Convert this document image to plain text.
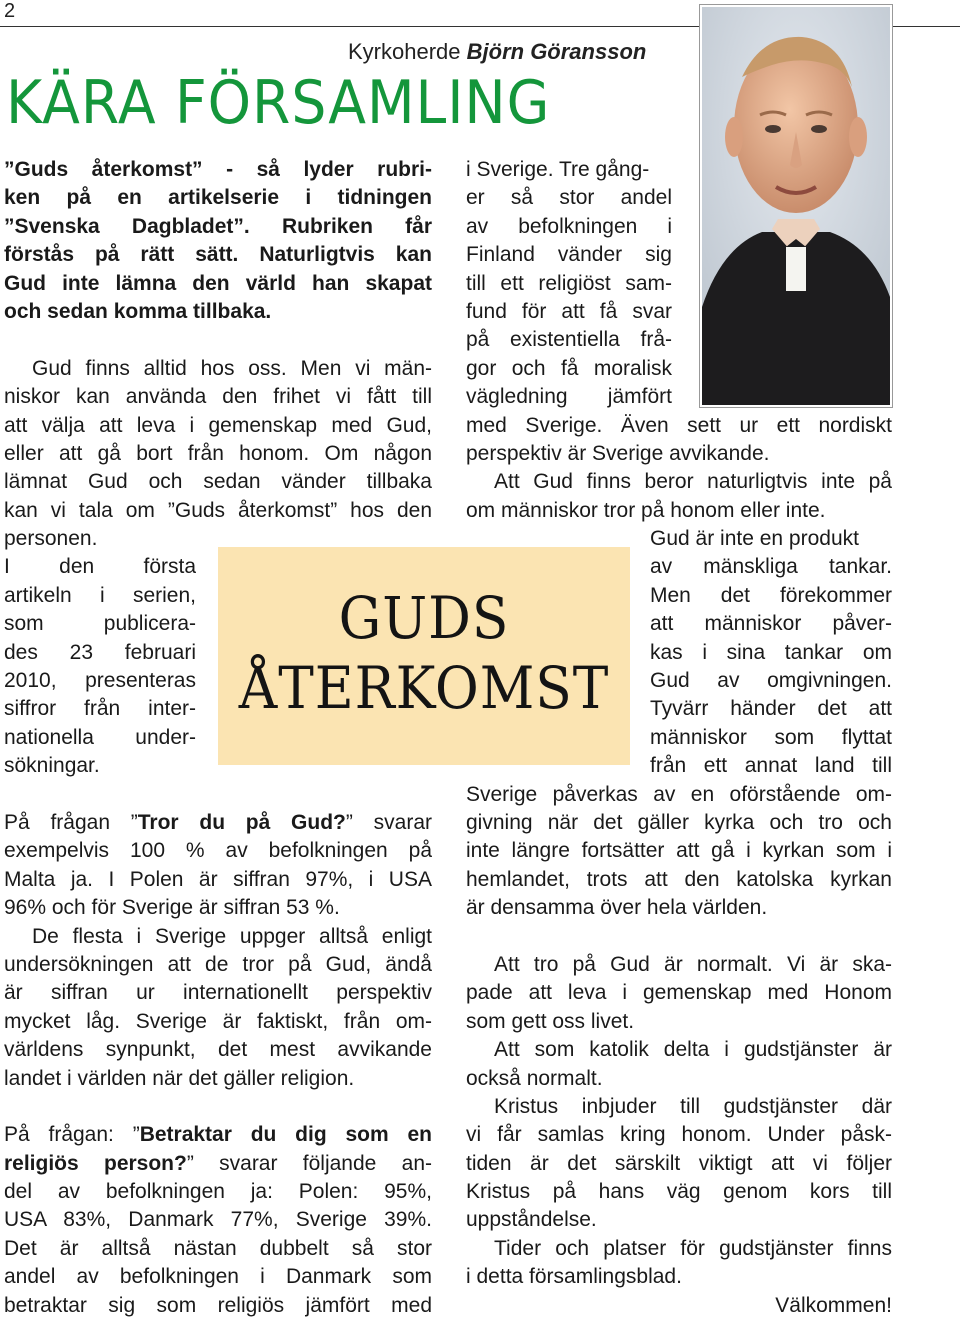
2
Kyrkoherde Björn Göransson
KÄRA FÖRSAMLING
GUDS
ÅTERKOMST
”Guds återkomst” - så lyder rubri-
ken på en artikelserie i tidningen
”Svenska Dagbladet”. Rubriken får
förstås på rätt sätt. Naturligtvis kan
Gud inte lämna den värld han skapat
och sedan komma tillbaka.
Gud finns alltid hos oss. Men vi män-
niskor kan använda den frihet vi fått till
att välja att leva i gemenskap med Gud,
eller att gå bort från honom. Om någon
lämnat Gud och sedan vänder tillbaka
kan vi tala om ”Guds återkomst” hos den
personen.
I den första
artikeln i serien,
som publicera-
des 23 februari
2010, presenteras
siffror från inter-
nationella under-
sökningar.
På frågan ”Tror du på Gud?” svarar
exempelvis 100 % av befolkningen på
Malta ja. I Polen är siffran 97%, i USA
96% och för Sverige är siffran 53 %.
De flesta i Sverige uppger alltså enligt
undersökningen att de tror på Gud, ändå
är siffran ur internationellt perspektiv
mycket låg. Sverige är faktiskt, från om-
världens synpunkt, det mest avvikande
landet i världen när det gäller religion.
På frågan: ”Betraktar du dig som en
religiös person?” svarar följande an-
del av befolkningen ja: Polen: 95%,
USA 83%, Danmark 77%, Sverige 39%.
Det är alltså nästan dubbelt så stor
andel av befolkningen i Danmark som
betraktar sig som religiös jämfört med
i Sverige. Tre gång-
er så stor andel
av befolkningen i
Finland vänder sig
till ett religiöst sam-
fund för att få svar
på existentiella frå-
gor och få moralisk
vägledning jämfört
med Sverige. Även sett ur ett nordiskt
perspektiv är Sverige avvikande.
Att Gud finns beror naturligtvis inte på
om människor tror på honom eller inte.
Gud är inte en produkt
av mänskliga tankar.
Men det förekommer
att människor påver-
kas i sina tankar om
Gud av omgivningen.
Tyvärr händer det att
människor som flyttat
från ett annat land till
Sverige påverkas av en oförstående om-
givning när det gäller kyrka och tro och
inte längre fortsätter att gå i kyrkan som i
hemlandet, trots att den katolska kyrkan
är densamma över hela världen.
Att tro på Gud är normalt. Vi är ska-
pade att leva i gemenskap med Honom
som gett oss livet.
Att som katolik delta i gudstjänster är
också normalt.
Kristus inbjuder till gudstjänster där
vi får samlas kring honom. Under påsk-
tiden är det särskilt viktigt att vi följer
Kristus på hans väg genom kors till
uppståndelse.
Tider och platser för gudstjänster finns
i detta församlingsblad.
Välkommen!
